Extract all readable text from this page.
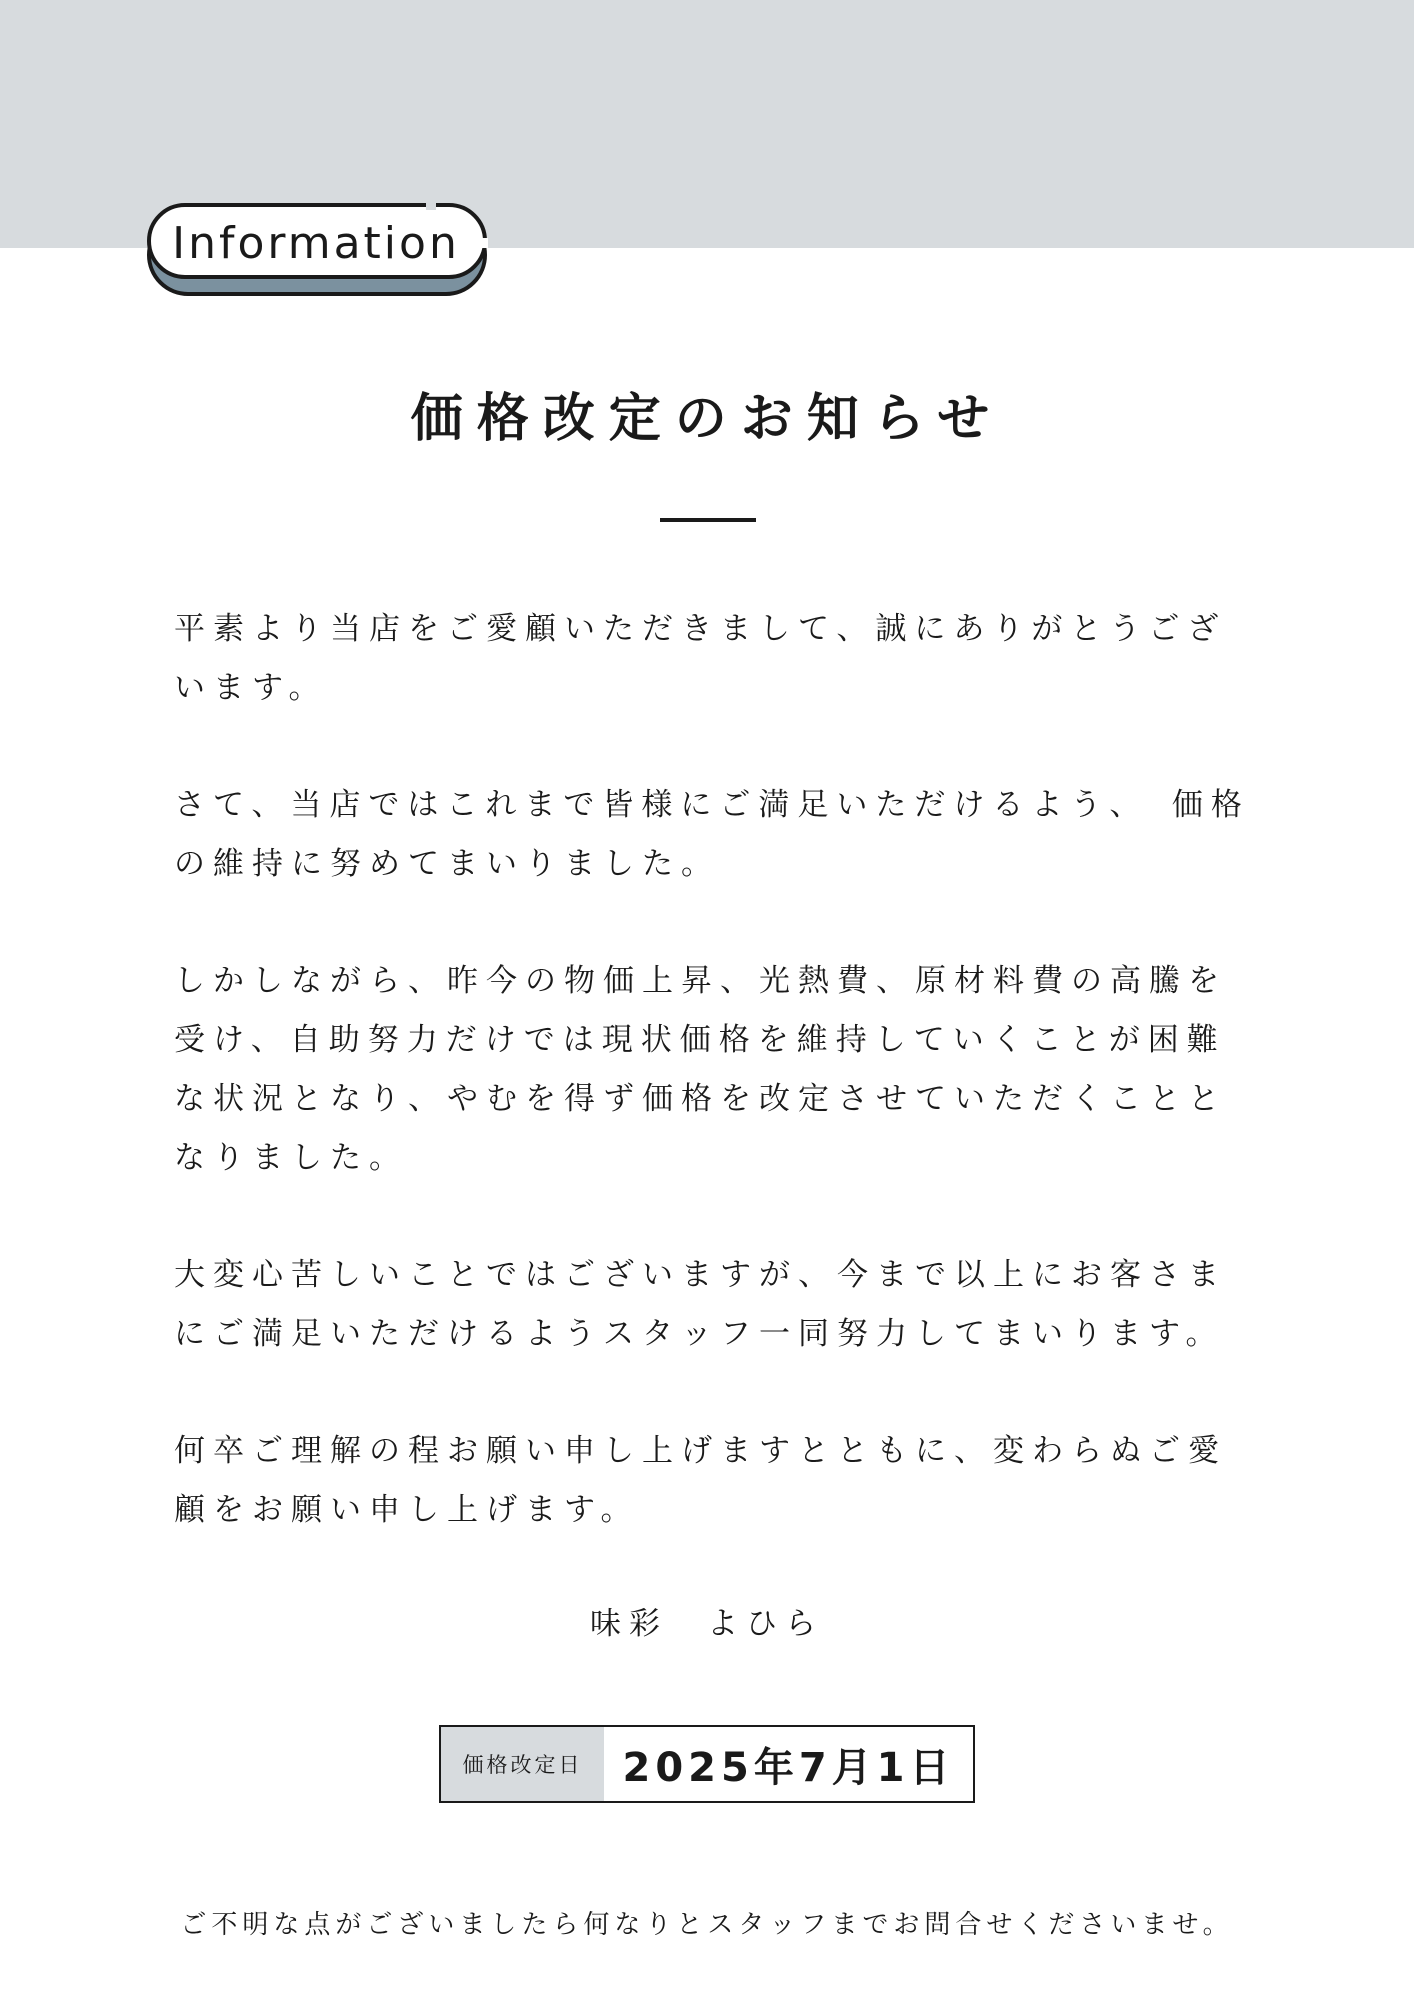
Information
価格改定のお知らせ

平素より当店をご愛顧いただきまして、誠にありがとうござ
います。

さて、当店ではこれまで皆様にご満足いただけるよう、　価格
の維持に努めてまいりました。

しかしながら、昨今の物価上昇、光熱費、原材料費の高騰を
受け、自助努力だけでは現状価格を維持していくことが困難
な状況となり、やむを得ず価格を改定させていただくことと
なりました。

大変心苦しいことではございますが、今まで以上にお客さま
にご満足いただけるようスタッフ一同努力してまいります。

何卒ご理解の程お願い申し上げますとともに、変わらぬご愛
顧をお願い申し上げます。

味彩　よひら
価格改定日	2025年7月1日
ご不明な点がございましたら何なりとスタッフまでお問合せくださいませ。
